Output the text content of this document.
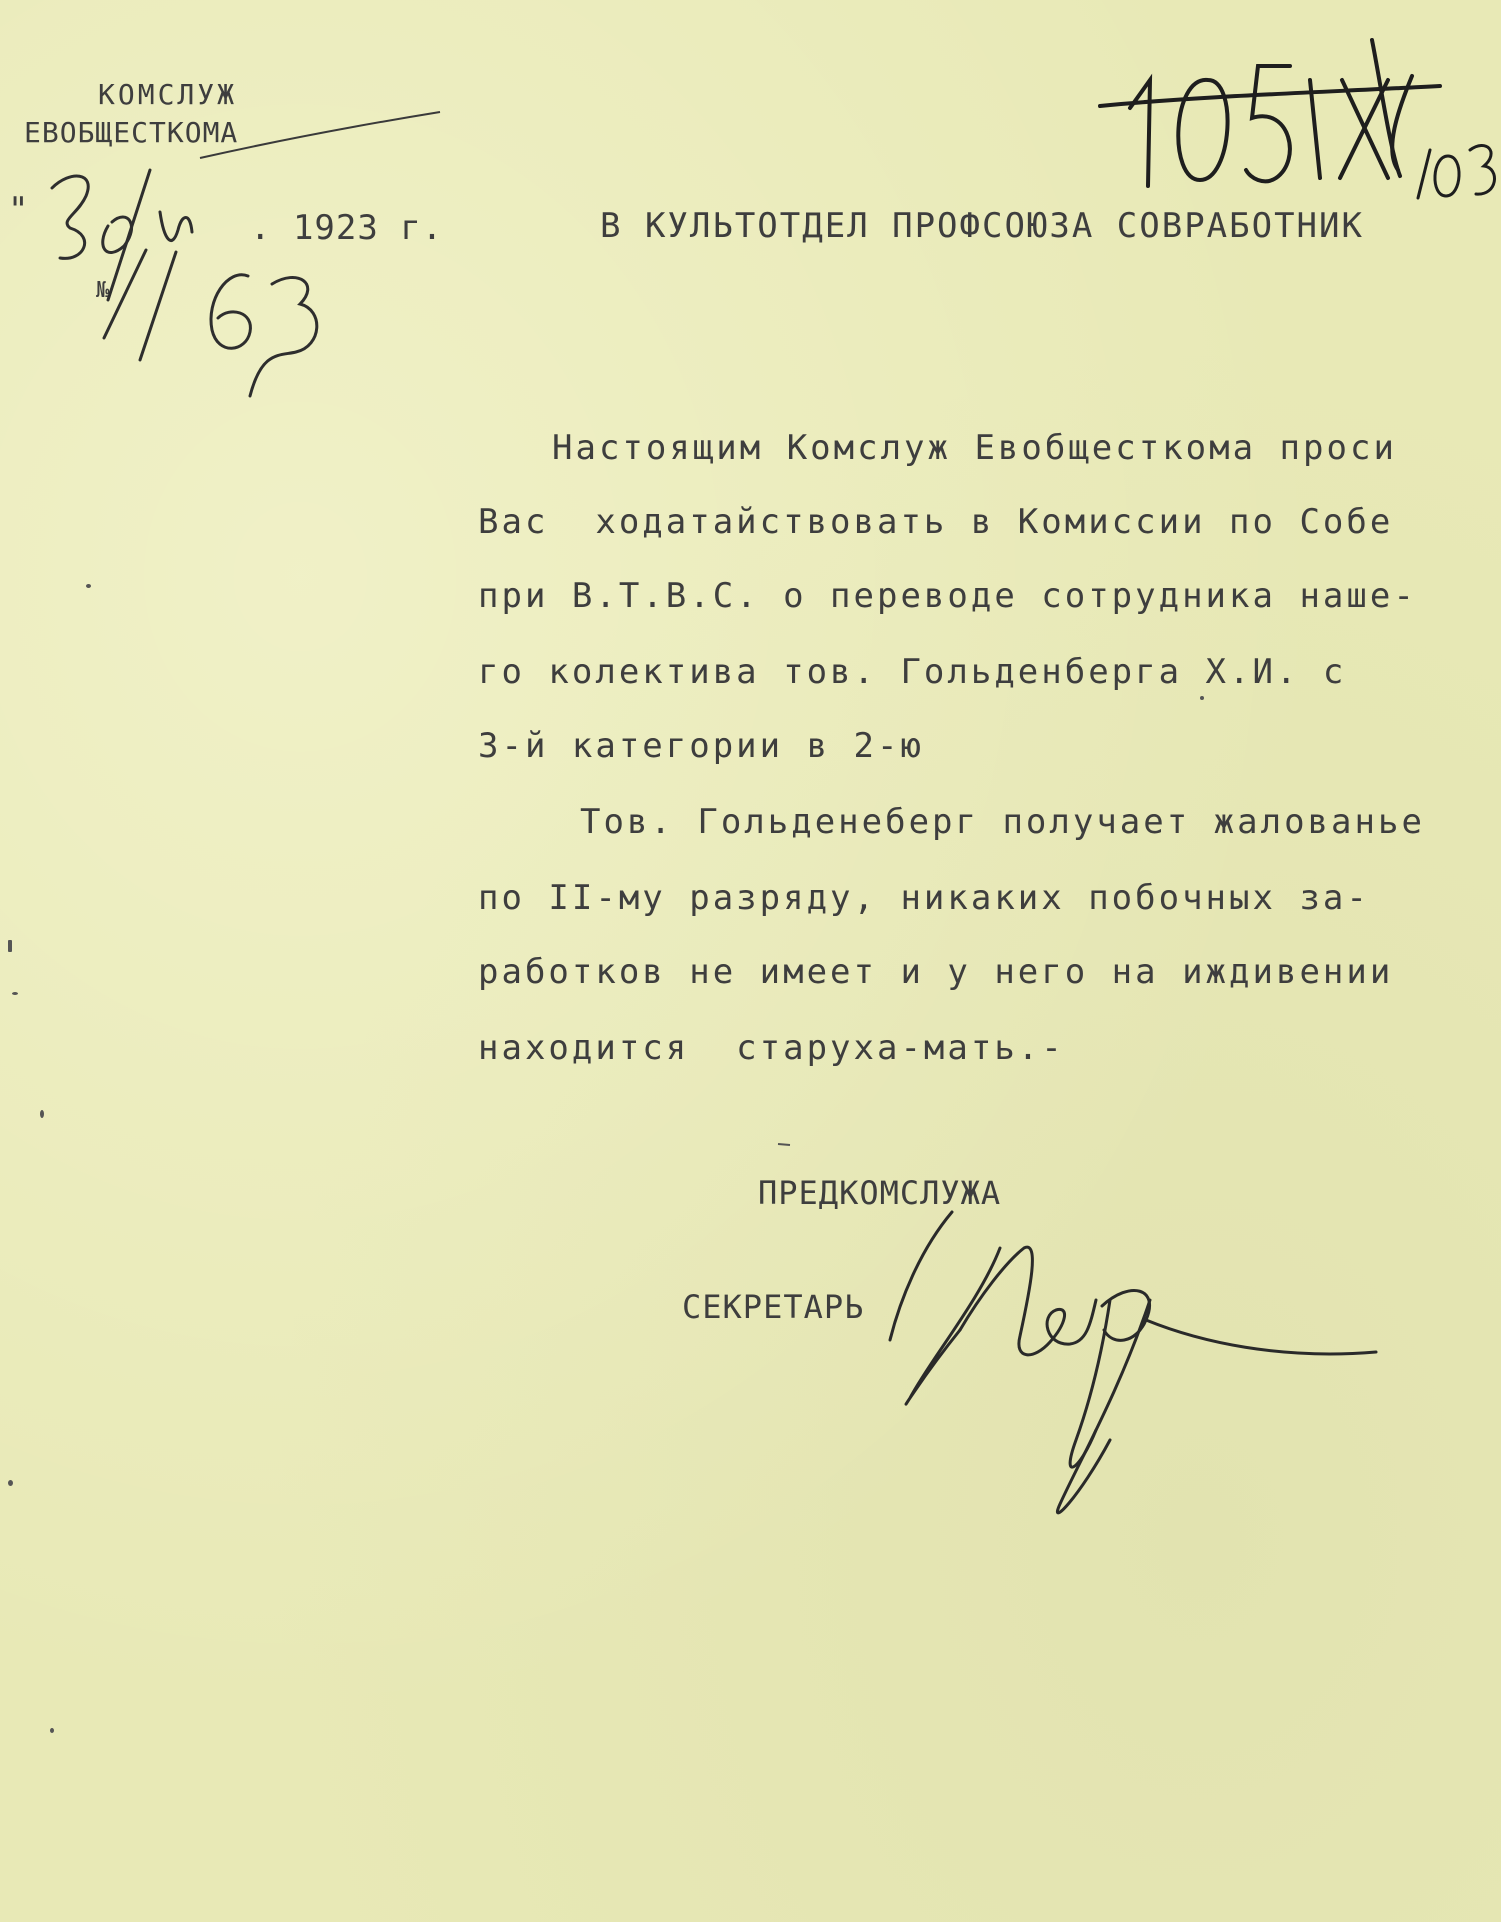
КОМСЛУЖ
ЕВОБЩЕСТКОМА
"	. 1923 г.
№
В КУЛЬТОТДЕЛ ПРОФСОЮЗА СОВРАБОТНИК
Настоящим Комслуж Евобщесткома проси
Вас  ходатайствовать в Комиссии по Собе
при В.Т.В.С. о переводе сотрудника наше-
го колектива тов. Гольденберга Х.И. с
3-й категории в 2-ю
Тов. Гольденеберг получает жалованье
по II-му разряду, никаких побочных за-
работков не имеет и у него на иждивении
находится  старуха-мать.-
ПРЕДКОМСЛУЖА
СЕКРЕТАРЬ
